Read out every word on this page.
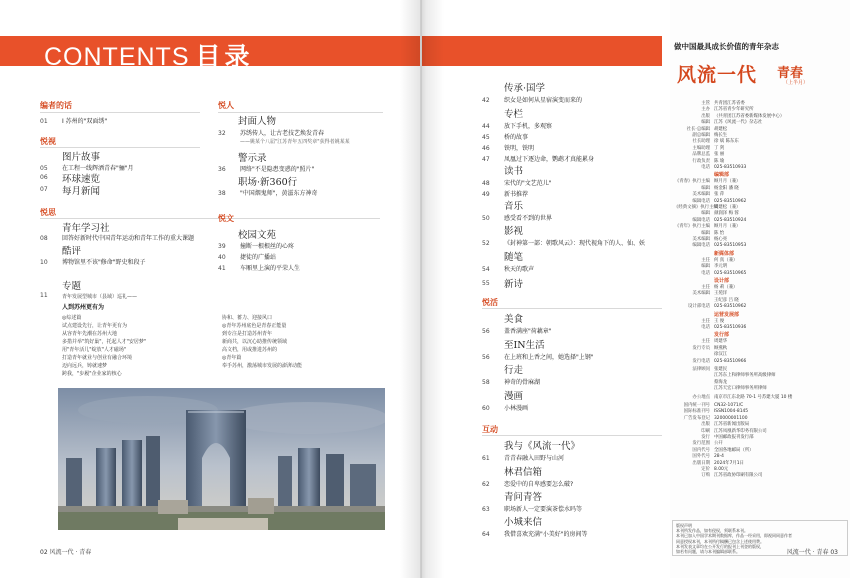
CONTENTS 目录
编者的话
01 Ⅰ 苏州的"双面绣"
悦视
图片故事
05 在工程一线辉洒青春"骊"月
06	环球速览
07	每月新闻
悦思
青年学习社
08 回答好新时代中国青年运动和青年工作的重大课题
酷评
10 博物馆里不该"修命"野史和段子
专题
11	青年发展型城市（县域）巡礼——
人到苏州更有为
◎综述篇
试点建设先行，让青年更有为
从容青年先潮在苏州大地
多措并举"筑好巢"，托起人才"安居梦"
用"青年活儿"绽放"人才磁场"
打造青年就业与创业有融合环境
迈向远兵，铸就速梦
跨我，"步履"企业家的核心
协和、蓄力、迎接风口
◎青年苏州底色是青春正能量
到专注是打造苏州青年
新商共，以沉心助推传统领域
高文档，用或推进苏州的
◎青年篇
奉手苏州，激荡城市发展的澎湃动能
悦人
封面人物
32 苏绣传人，让古老技艺焕发青春
——姚某个八届"江苏青年五四奖章"获得者姚某某
警示录
36 网络"不是隐患变惑的"照片"
职场·新360行
38 "中国烟鬼师"，黄滋东方神奇
悦文
校园文苑
39 撞断一根根丝的心疼
40 捷徒的广播站
41 车厢里上演的平荣人生
02 风流一代 · 青春
传承·国学
42 织女是如何从星宿演变而来的
专栏
44 放下手机，多观察
45 桥的故事
46 铁明，铁明
47 凤凰过下逐边命，鹦鹉才真能累身
读书
48 宋代的"文艺范儿"
49 新书推荐
音乐
50 感受看不到的世界
影视
52 《封神第一部：朝歌风云》：现代视角下的人、仙、妖
随笔
54 秋天的歌声
55	新诗
悦活
美食
56 盖香满座"荷藕章"
至IN生活
56 在上班和上香之间，她选择"上钢"
行走
58 神奇的骨麻湖
漫画
60 小林漫画
互动
我与《风流一代》
61 青青春融入田野与山河
林君信箱
62 恋爱中的自卑感要怎么破?
青问青答
63 职场新人一定要演茶偿水吗等
小城来信
64 我借喜欢充满"小美好"的房间等
做中国最具成长价值的青年杂志
风流一代 青春
（上半月）
风流一代 · 青春 03
主管 共青团江苏省委
主办 江苏省青少年研究所
出版 （共青团江苏省委新媒体发展中心）
编辑 江苏《风流一代》杂志社
社长·总编辑 胡建松
副总编辑 梅长生
社长助理 徐 斌 陈东东
主编助理 丁 剑
品牌总监 张 丽
行政负责 陈 瑜
电话 025-83510933
编辑部
《青春》执行主编 顾月月（兼）
编辑 杨金阳 潘 晓
美术编辑 张 萍
编辑电话 025-83510962
《经典文摘》执行主编周建松（兼）
编辑 颜润泽 梅 蓉
编辑电话 025-83510924
《青年》执行主编 顾月月（兼）
编辑 陈 怡
美术编辑 杨心亮
编辑电话 025-83510953
新媒体部
主任 何 真（兼）
编辑 李元明
电话 025-83510965
设计部
主任 杨 莉（兼）
美术编辑 王苑洋
王纪彦 吕 晓
设计部电话 025-83510962
运营发展部
主任 王 俊
电话 025-83510936
发行部
主任 周建华
发行专员 顾燕秋
徐汉江
发行电话 025-83510966
法律顾问 张建民
江苏东上和律师事务所高级律师
蔡海龙
江苏天宏口律师事务所律师
办公地点 南京市江东北路 70-1 号苏建大厦 10 楼
国内统一刊号 CN32-1071/C
国际标准刊号 ISSN1004-8145
广告发布登记 320000001100
出版 江苏省新闻出版局
印刷 江苏凤凰新华印务有限公司
发行 中国邮政报刊发行部
发行范围 公开
国内代号 全国各地邮局（所）
国外代号 28-4
出版日期 2024年7月1日
定价 8.00元
订购 江苏省政协印刷有限公司
版权声明
本刊所发作品，如有侵权，须联系本刊。
本刊已加入中国学术期刊数据库，作品一经采用，即视同同意作者
同意授权本刊，本刊所付稿酬已包含上述使用费。
本刊发表文章均在公开发行的报刊上刊登的版权，
如若有问题，请与本刊编辑部联系。
